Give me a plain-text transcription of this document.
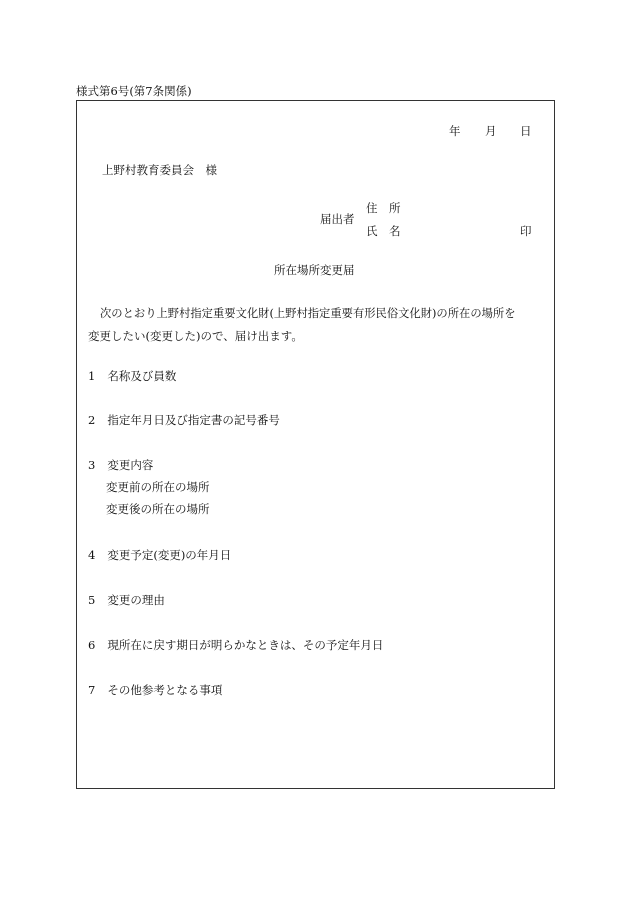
様式第6号(第7条関係)
年 月 日
上野村教育委員会　様
届出者
住　所
氏　名	印
所在場所変更届
次のとおり上野村指定重要文化財(上野村指定重要有形民俗文化財)の所在の場所を
変更したい(変更した)ので、届け出ます。
1 名称及び員数
2 指定年月日及び指定書の記号番号
3 変更内容
変更前の所在の場所
変更後の所在の場所
4 変更予定(変更)の年月日
5 変更の理由
6 現所在に戻す期日が明らかなときは、その予定年月日
7 その他参考となる事項
